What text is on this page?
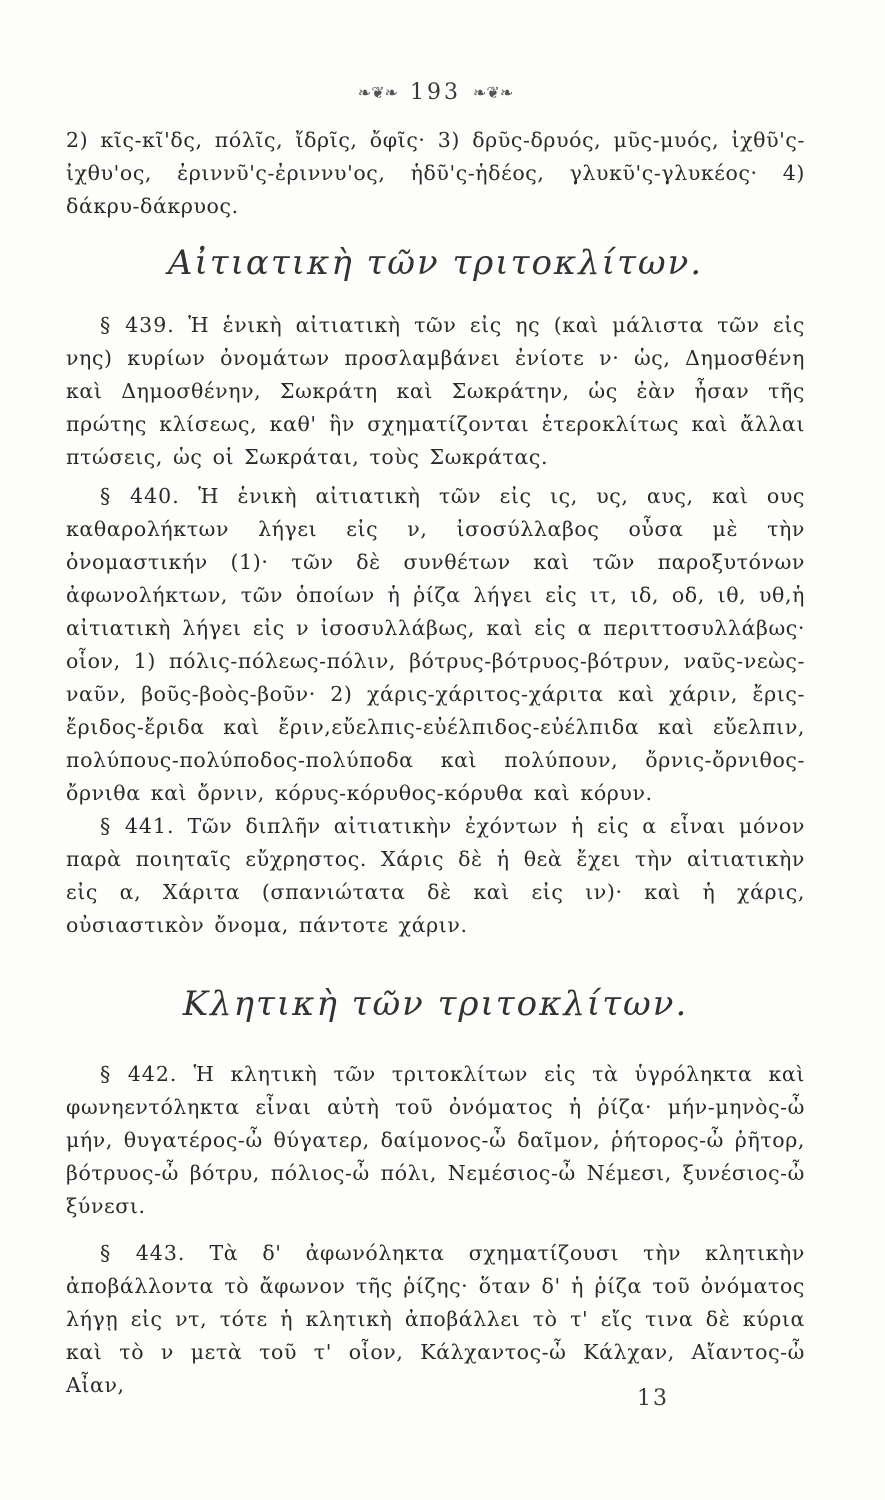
❧❦❧ 193 ❧❦❧

2) κῖς-κῖ'δς, πόλῖς, ἴδρῖς, ὄφῖς· 3) δρῦς-δρυός, μῦς-μυός, ἰχθῦ'ς-ἰχθυ'ος, ἐριννῦ'ς-ἐριννυ'ος, ἡδῦ'ς-ἡδέος, γλυκῦ'ς-γλυκέος· 4) δάκρυ-δάκρυος.

Αἰτιατικὴ τῶν τριτοκλίτων.

§ 439. Ἡ ἑνικὴ αἰτιατικὴ τῶν εἰς ης (καὶ μάλιστα τῶν εἰς νης) κυρίων ὀνομάτων προσλαμβάνει ἐνίοτε ν· ὡς, Δημοσθένη καὶ Δημοσθένην, Σωκράτη καὶ Σωκράτην, ὡς ἐὰν ἦσαν τῆς πρώτης κλίσεως, καθ' ἣν σχηματίζονται ἑτεροκλίτως καὶ ἄλλαι πτώσεις, ὡς οἱ Σωκράται, τοὺς Σωκράτας.

§ 440. Ἡ ἑνικὴ αἰτιατικὴ τῶν εἰς ις, υς, αυς, καὶ ους καθαρολήκτων λήγει εἰς ν, ἰσοσύλλαβος οὖσα μὲ τὴν ὀνομαστικήν (1)· τῶν δὲ συνθέτων καὶ τῶν παροξυτόνων ἀφωνολήκτων, τῶν ὁποίων ἡ ῥίζα λήγει εἰς ιτ, ιδ, οδ, ιθ, υθ,ἡ αἰτιατικὴ λήγει εἰς ν ἰσοσυλλάβως, καὶ εἰς α περιττοσυλλάβως· οἷον, 1) πόλις-πόλεως-πόλιν, βότρυς-βότρυος-βότρυν, ναῦς-νεὼς-ναῦν, βοῦς-βοὸς-βοῦν· 2) χάρις-χάριτος-χάριτα καὶ χάριν, ἔρις-ἔριδος-ἔριδα καὶ ἔριν,εὔελπις-εὐέλπιδος-εὐέλπιδα καὶ εὔελπιν, πολύπους-πολύποδος-πολύποδα καὶ πολύπουν, ὄρνις-ὄρνιθος-ὄρνιθα καὶ ὄρνιν, κόρυς-κόρυθος-κόρυθα καὶ κόρυν.

§ 441. Τῶν διπλῆν αἰτιατικὴν ἐχόντων ἡ εἰς α εἶναι μόνον παρὰ ποιηταῖς εὔχρηστος. Χάρις δὲ ἡ θεὰ ἔχει τὴν αἰτιατικὴν εἰς α, Χάριτα (σπανιώτατα δὲ καὶ εἰς ιν)· καὶ ἡ χάρις, οὐσιαστικὸν ὄνομα, πάντοτε χάριν.

Κλητικὴ τῶν τριτοκλίτων.

§ 442. Ἡ κλητικὴ τῶν τριτοκλίτων εἰς τὰ ὑγρόληκτα καὶ φωνηεντόληκτα εἶναι αὐτὴ τοῦ ὀνόματος ἡ ῥίζα· μήν-μηνὸς-ὦ μήν, θυγατέρος-ὦ θύγατερ, δαίμονος-ὦ δαῖμον, ῥήτορος-ὦ ῥῆτορ, βότρυος-ὦ βότρυ, πόλιος-ὦ πόλι, Νεμέσιος-ὦ Νέμεσι, ξυνέσιος-ὦ ξύνεσι.

§ 443. Τὰ δ' ἀφωνόληκτα σχηματίζουσι τὴν κλητικὴν ἀποβάλλοντα τὸ ἄφωνον τῆς ῥίζης· ὅταν δ' ἡ ῥίζα τοῦ ὀνόματος λήγῃ εἰς ντ, τότε ἡ κλητικὴ ἀποβάλλει τὸ τ' εἴς τινα δὲ κύρια καὶ τὸ ν μετὰ τοῦ τ' οἷον, Κάλχαντος-ὦ Κάλχαν, Αἴαντος-ὦ Αἶαν,

13
